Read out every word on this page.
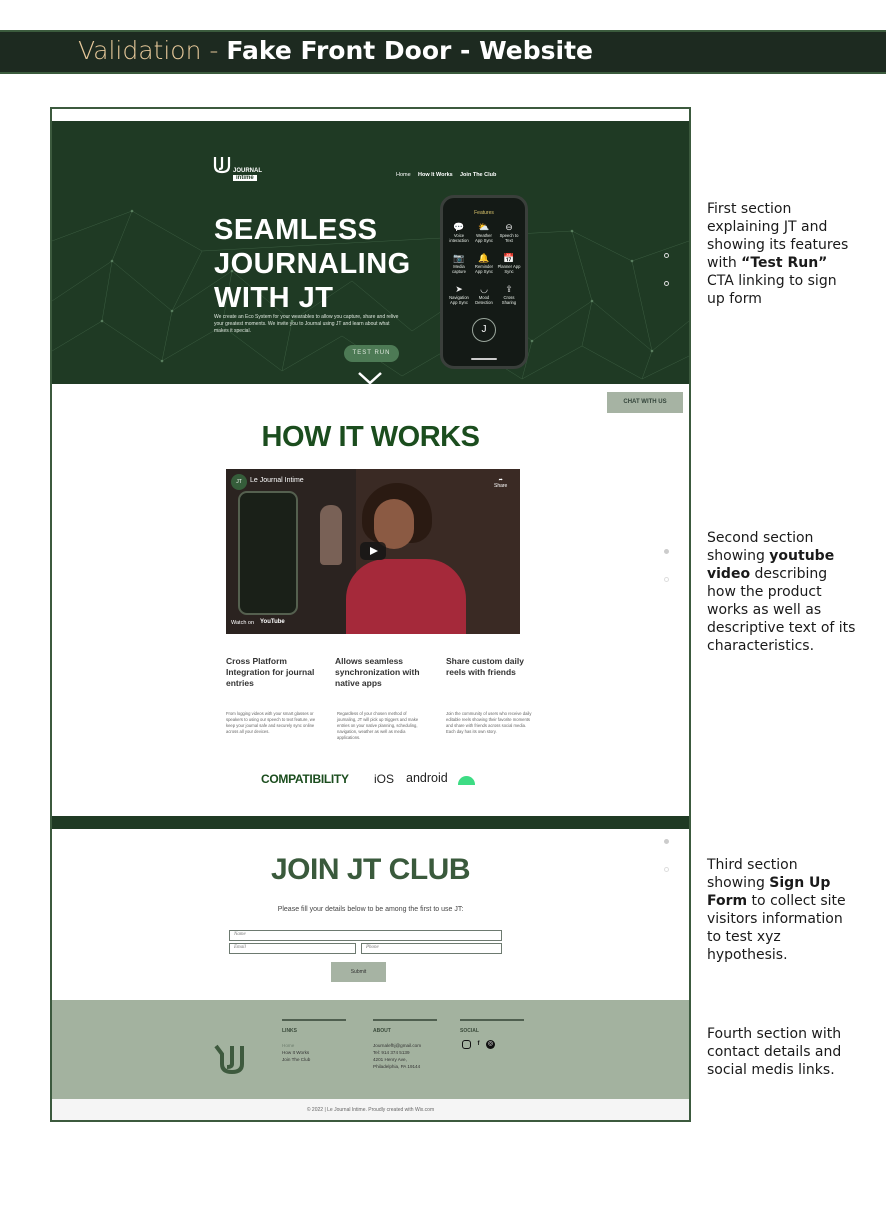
Validation - Fake Front Door - Website
JOURNAL
intime	Home How It Works Join The Club
SEAMLESS JOURNALING WITH JT
We create an Eco System for your wearables to allow you capture, share and relive your greatest moments. We invite you to Journal using JT and learn about what makes it special.
TEST RUN
Features
💬
Voice interaction
⛅
Weather App Sync
⊖
Speech to Text
📷
Media capture
🔔
Reminder App Sync
📅
Planner App Sync
➤
Navigation App Sync
◡
Mood Detection
⇪
Cross Sharing
J
CHAT WITH US
HOW IT WORKS
JT	Le Journal Intime	➦
Share
Watch on YouTube
Cross Platform Integration for journal entries
Allows seamless synchronization with native apps
Share custom daily reels with friends
From logging videos with your smart glasses or speakers to using our speech to text feature, we keep your journal safe and securely sync online across all your devices.
Regardless of your chosen method of journaling, JT will pick up triggers and make entries on your native planning, scheduling, navigation, weather as well as media applications.
Join the community of users who receive daily editable reels showing their favorite moments and share with friends across social media. Each day has its own story.
COMPATIBILITY iOS android
JOIN JT CLUB
Please fill your details below to be among the first to use JT:
Name
Email	Phone
Submit
LINKS	ABOUT	SOCIAL
Home
How It Works
Join The Club
Journalefhj@gmail.com
Tel: 914 374 5139
4201 Henry Ave,
Philadelphia, PA 19144
f	◎
© 2022 | Le Journal Intime. Proudly created with Wix.com
First section explaining JT and showing its features with “Test Run” CTA linking to sign up form
Second section showing youtube video describing how the product works as well as descriptive text of its characteristics.
Third section showing Sign Up Form to collect site visitors information to test xyz hypothesis.
Fourth section with contact details and social medis links.
